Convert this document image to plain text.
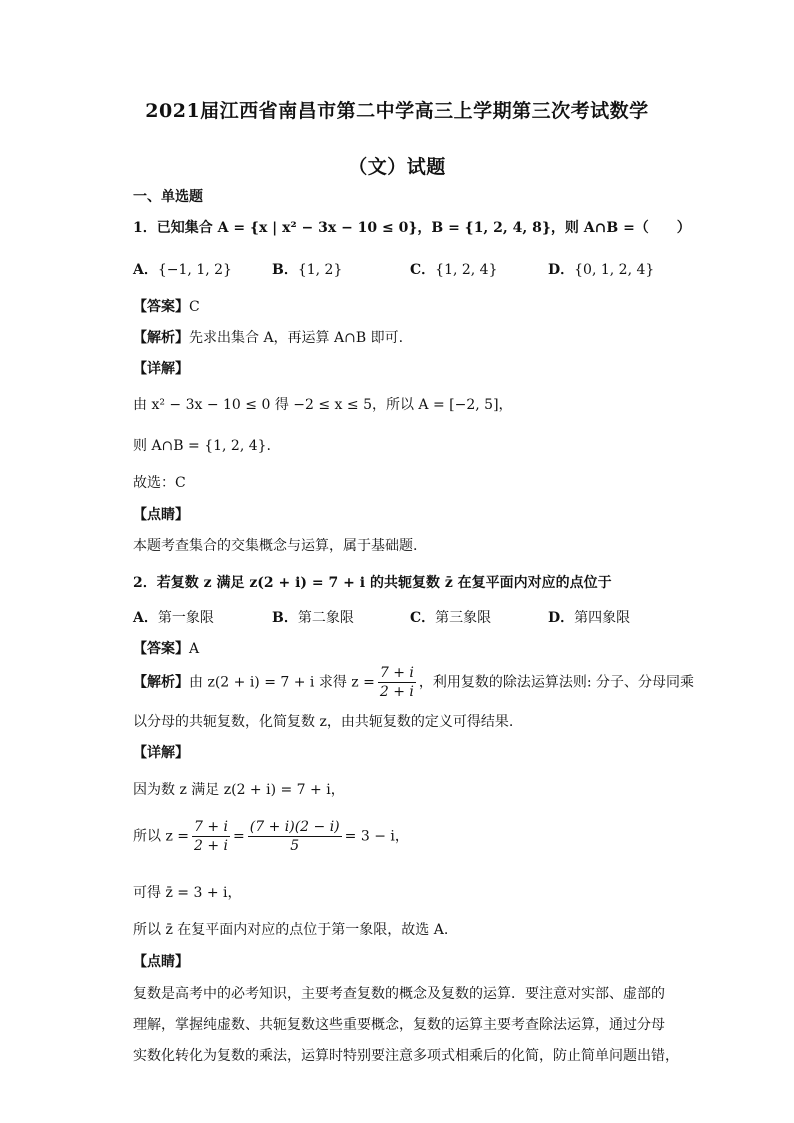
2021届江西省南昌市第二中学高三上学期第三次考试数学
（文）试题
一、单选题
1．已知集合 A = {x | x² − 3x − 10 ≤ 0}，B = {1, 2, 4, 8}，则 A∩B =（　　）
A．{−1, 1, 2}	B．{1, 2}	C．{1, 2, 4}	D．{0, 1, 2, 4}
【答案】C
【解析】先求出集合 A，再运算 A∩B 即可.
【详解】
由 x² − 3x − 10 ≤ 0 得 −2 ≤ x ≤ 5，所以 A = [−2, 5]，
则 A∩B = {1, 2, 4}.
故选：C
【点睛】
本题考查集合的交集概念与运算，属于基础题.
2．若复数 z 满足 z(2 + i) = 7 + i 的共轭复数 z̄ 在复平面内对应的点位于
A．第一象限	B．第二象限	C．第三象限	D．第四象限
【答案】A
【解析】由 z(2 + i) = 7 + i 求得 $z = \frac{7 + i}{2 + i}$ ，利用复数的除法运算法则: 分子、分母同乘
以分母的共轭复数，化简复数 z，由共轭复数的定义可得结果.
【详解】
因为数 z 满足 z(2 + i) = 7 + i，
所以 $z = \frac{7 + i}{2 + i} = \frac{(7 + i)(2 - i)}{5} = 3 - i$，
可得 z̄ = 3 + i，
所以 z̄ 在复平面内对应的点位于第一象限，故选 A.
【点睛】
复数是高考中的必考知识，主要考查复数的概念及复数的运算．要注意对实部、虚部的
理解，掌握纯虚数、共轭复数这些重要概念，复数的运算主要考查除法运算，通过分母
实数化转化为复数的乘法，运算时特别要注意多项式相乘后的化简，防止简单问题出错，
